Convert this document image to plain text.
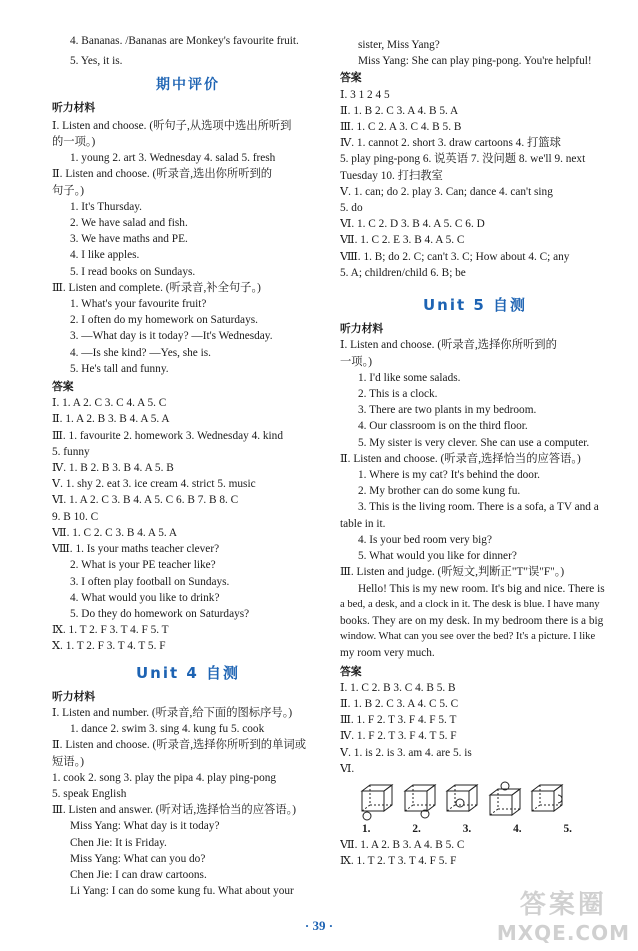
4. Bananas. /Bananas are Monkey's favourite fruit.
5. Yes, it is.
期中评价
听力材料
Ⅰ. Listen and choose. (听句子,从选项中选出所听到
的一项。)
1. young 2. art 3. Wednesday 4. salad 5. fresh
Ⅱ. Listen and choose. (听录音,选出你所听到的
句子。)
1. It's Thursday.
2. We have salad and fish.
3. We have maths and PE.
4. I like apples.
5. I read books on Sundays.
Ⅲ. Listen and complete. (听录音,补全句子。)
1. What's your favourite fruit?
2. I often do my homework on Saturdays.
3. —What day is it today? —It's Wednesday.
4. —Is she kind? —Yes, she is.
5. He's tall and funny.
答案
Ⅰ. 1. A 2. C 3. C 4. A 5. C
Ⅱ. 1. A 2. B 3. B 4. A 5. A
Ⅲ. 1. favourite 2. homework 3. Wednesday 4. kind
5. funny
Ⅳ. 1. B 2. B 3. B 4. A 5. B
Ⅴ. 1. shy 2. eat 3. ice cream 4. strict 5. music
Ⅵ. 1. A 2. C 3. B 4. A 5. C 6. B 7. B 8. C
9. B 10. C
Ⅶ. 1. C 2. C 3. B 4. A 5. A
Ⅷ. 1. Is your maths teacher clever?
2. What is your PE teacher like?
3. I often play football on Sundays.
4. What would you like to drink?
5. Do they do homework on Saturdays?
Ⅸ. 1. T 2. F 3. T 4. F 5. T
Ⅹ. 1. T 2. F 3. T 4. T 5. F
Unit 4 自测
听力材料
Ⅰ. Listen and number. (听录音,给下面的图标序号。)
1. dance 2. swim 3. sing 4. kung fu 5. cook
Ⅱ. Listen and choose. (听录音,选择你所听到的单词或
短语。)
1. cook 2. song 3. play the pipa 4. play ping-pong
5. speak English
Ⅲ. Listen and answer. (听对话,选择恰当的应答语。)
Miss Yang: What day is it today?
Chen Jie: It is Friday.
Miss Yang: What can you do?
Chen Jie: I can draw cartoons.
Li Yang: I can do some kung fu. What about your
sister, Miss Yang?
Miss Yang: She can play ping-pong. You're helpful!
答案
Ⅰ. 3 1 2 4 5
Ⅱ. 1. B 2. C 3. A 4. B 5. A
Ⅲ. 1. C 2. A 3. C 4. B 5. B
Ⅳ. 1. cannot 2. short 3. draw cartoons 4. 打篮球
5. play ping-pong 6. 说英语 7. 没问题 8. we'll 9. next
Tuesday 10. 打扫教室
Ⅴ. 1. can; do 2. play 3. Can; dance 4. can't sing
5. do
Ⅵ. 1. C 2. D 3. B 4. A 5. C 6. D
Ⅶ. 1. C 2. E 3. B 4. A 5. C
Ⅷ. 1. B; do 2. C; can't 3. C; How about 4. C; any
5. A; children/child 6. B; be
Unit 5 自测
听力材料
Ⅰ. Listen and choose. (听录音,选择你所听到的
一项。)
1. I'd like some salads.
2. This is a clock.
3. There are two plants in my bedroom.
4. Our classroom is on the third floor.
5. My sister is very clever. She can use a computer.
Ⅱ. Listen and choose. (听录音,选择恰当的应答语。)
1. Where is my cat? It's behind the door.
2. My brother can do some kung fu.
3. This is the living room. There is a sofa, a TV and a
table in it.
4. Is your bed room very big?
5. What would you like for dinner?
Ⅲ. Listen and judge. (听短文,判断正"T"误"F"。)
Hello! This is my new room. It's big and nice. There is
a bed, a desk, and a clock in it. The desk is blue. I have many
books. They are on my desk. In my bedroom there is a big
window. What can you see over the bed? It's a picture. I like
my room very much.
答案
Ⅰ. 1. C 2. B 3. C 4. B 5. B
Ⅱ. 1. B 2. C 3. A 4. C 5. C
Ⅲ. 1. F 2. T 3. F 4. F 5. T
Ⅳ. 1. F 2. T 3. F 4. T 5. F
Ⅴ. 1. is 2. is 3. am 4. are 5. is
Ⅵ.
1.	2.	3.	4.	5.
Ⅶ. 1. A 2. B 3. A 4. B 5. C
Ⅸ. 1. T 2. T 3. T 4. F 5. F
· 39 ·
答案圈
MXQE.COM
